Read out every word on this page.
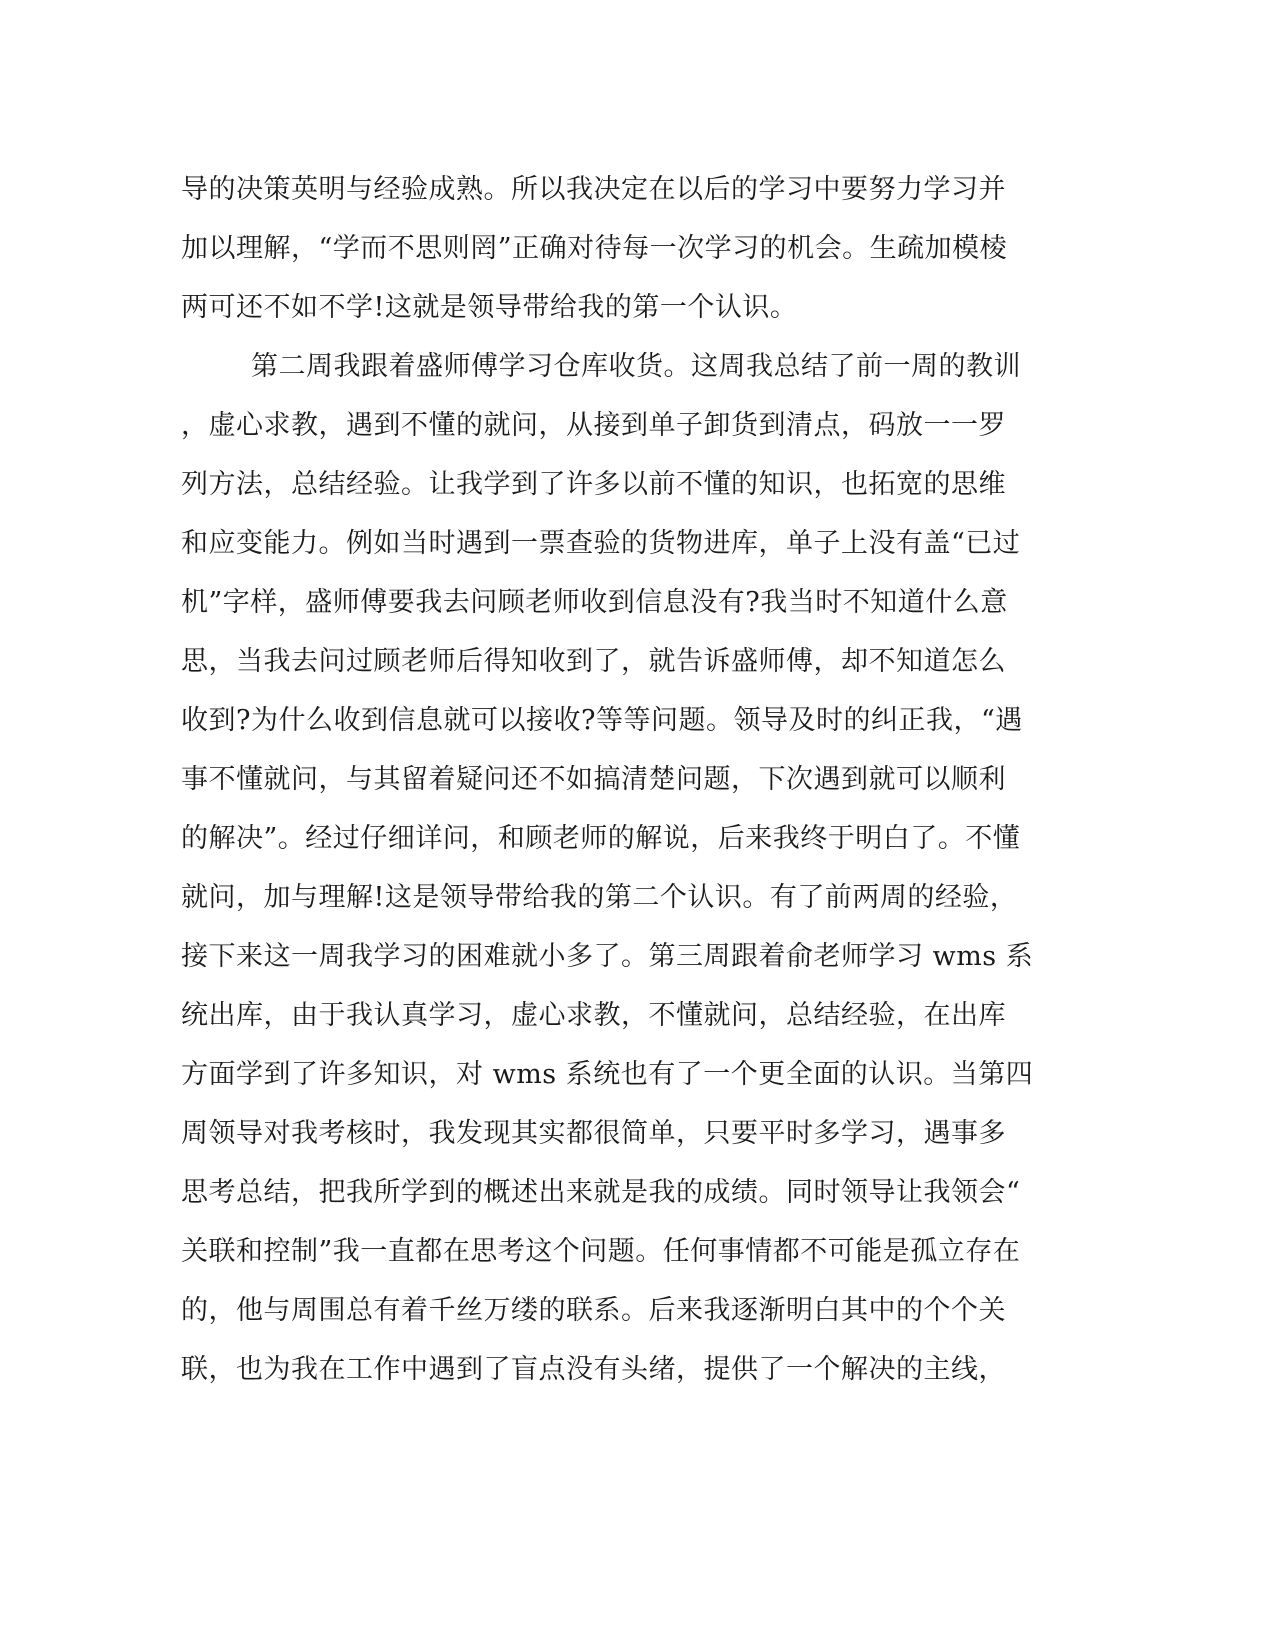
导的决策英明与经验成熟。所以我决定在以后的学习中要努力学习并
加以理解，“学而不思则罔”正确对待每一次学习的机会。生疏加模棱
两可还不如不学!这就是领导带给我的第一个认识。
第二周我跟着盛师傅学习仓库收货。这周我总结了前一周的教训
，虚心求教，遇到不懂的就问，从接到单子卸货到清点，码放一一罗
列方法，总结经验。让我学到了许多以前不懂的知识，也拓宽的思维
和应变能力。例如当时遇到一票查验的货物进库，单子上没有盖“已过
机”字样，盛师傅要我去问顾老师收到信息没有?我当时不知道什么意
思，当我去问过顾老师后得知收到了，就告诉盛师傅，却不知道怎么
收到?为什么收到信息就可以接收?等等问题。领导及时的纠正我，“遇
事不懂就问，与其留着疑问还不如搞清楚问题，下次遇到就可以顺利
的解决”。经过仔细详问，和顾老师的解说，后来我终于明白了。不懂
就问，加与理解!这是领导带给我的第二个认识。有了前两周的经验，
接下来这一周我学习的困难就小多了。第三周跟着俞老师学习 wms 系
统出库，由于我认真学习，虚心求教，不懂就问，总结经验，在出库
方面学到了许多知识，对 wms 系统也有了一个更全面的认识。当第四
周领导对我考核时，我发现其实都很简单，只要平时多学习，遇事多
思考总结，把我所学到的概述出来就是我的成绩。同时领导让我领会“
关联和控制”我一直都在思考这个问题。任何事情都不可能是孤立存在
的，他与周围总有着千丝万缕的联系。后来我逐渐明白其中的个个关
联，也为我在工作中遇到了盲点没有头绪，提供了一个解决的主线，
